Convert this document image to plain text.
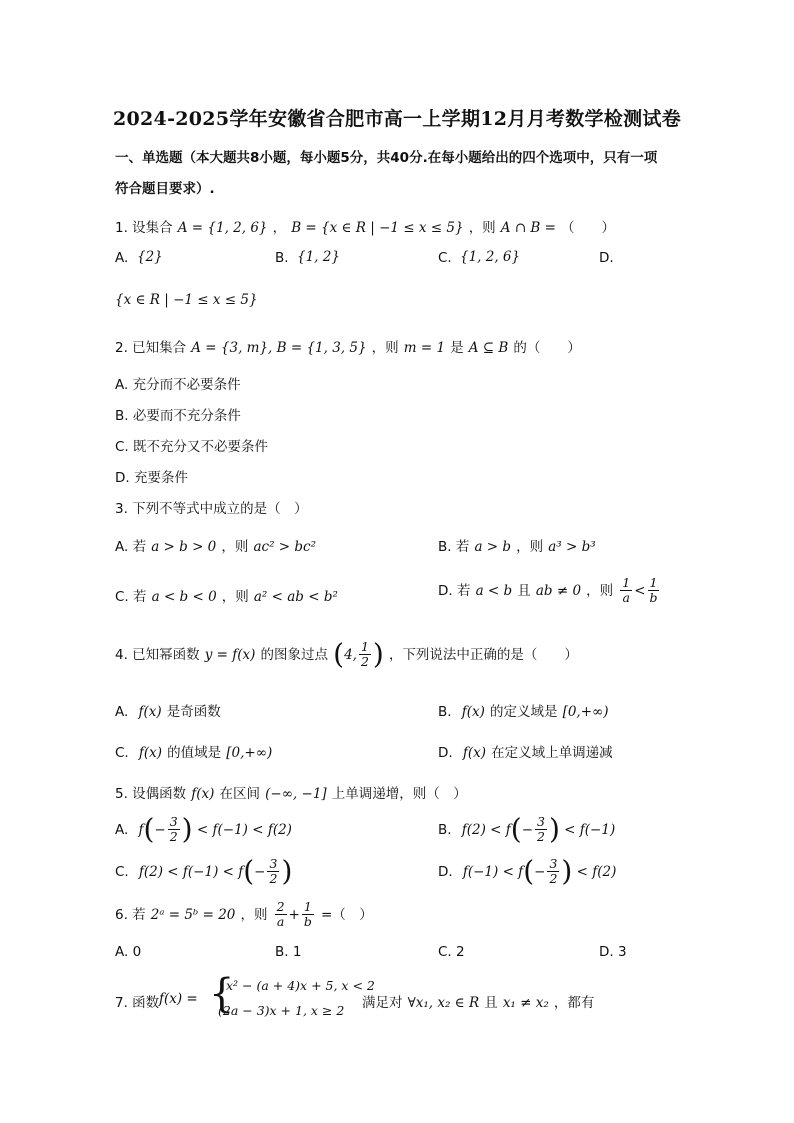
2024-2025学年安徽省合肥市高一上学期12月月考数学检测试卷
一、单选题（本大题共8小题，每小题5分，共40分.在每小题给出的四个选项中，只有一项
符合题目要求）.
1. 设集合 A = {1, 2, 6} ， B = {x ∈ R | −1 ≤ x ≤ 5} ，则 A ∩ B = （　　）
A. {2}	B. {1, 2}	C. {1, 2, 6}	D.
{x ∈ R | −1 ≤ x ≤ 5}
2. 已知集合 A = {3, m}, B = {1, 3, 5} ，则 m = 1 是 A ⊆ B 的（　　）
A. 充分而不必要条件
B. 必要而不充分条件
C. 既不充分又不必要条件
D. 充要条件
3. 下列不等式中成立的是（　）
A. 若 a > b > 0 ，则 ac² > bc²	B. 若 a > b ，则 a³ > b³
C. 若 a < b < 0 ，则 a² < ab < b²	D. 若 a < b 且 ab ≠ 0 ，则 $\frac{1}{a} < \frac{1}{b}$
4. 已知幂函数 y = f(x) 的图象过点 (4, $\frac{1}{2}$ ) ，下列说法中正确的是（　　）
A. f(x) 是奇函数	B. f(x) 的定义域是 [0,+∞)
C. f(x) 的值域是 [0,+∞)	D. f(x) 在定义域上单调递减
5. 设偶函数 f(x) 在区间 (−∞, −1] 上单调递增，则（　）
A. $f(- \frac{3}{2}$ ) < f(−1) < f(2)	B. $f(2) < f(- \frac{3}{2}$ ) < f(−1)
C. $f(2) < f(-1) < f(- \frac{3}{2}$ )	D. $f(-1) < f(- \frac{3}{2}$ ) < f(2)
6. 若 2ᵃ = 5ᵇ = 20 ，则 $\frac{2}{a} + \frac{1}{b}$ =（　）
A. 0	B. 1	C. 2	D. 3
7. 函数 f(x) = {
x² − (a + 4)x + 5, x < 2
(2a − 3)x + 1, x ≥ 2 满足对 ∀x₁, x₂ ∈ R 且 x₁ ≠ x₂ ，都有
